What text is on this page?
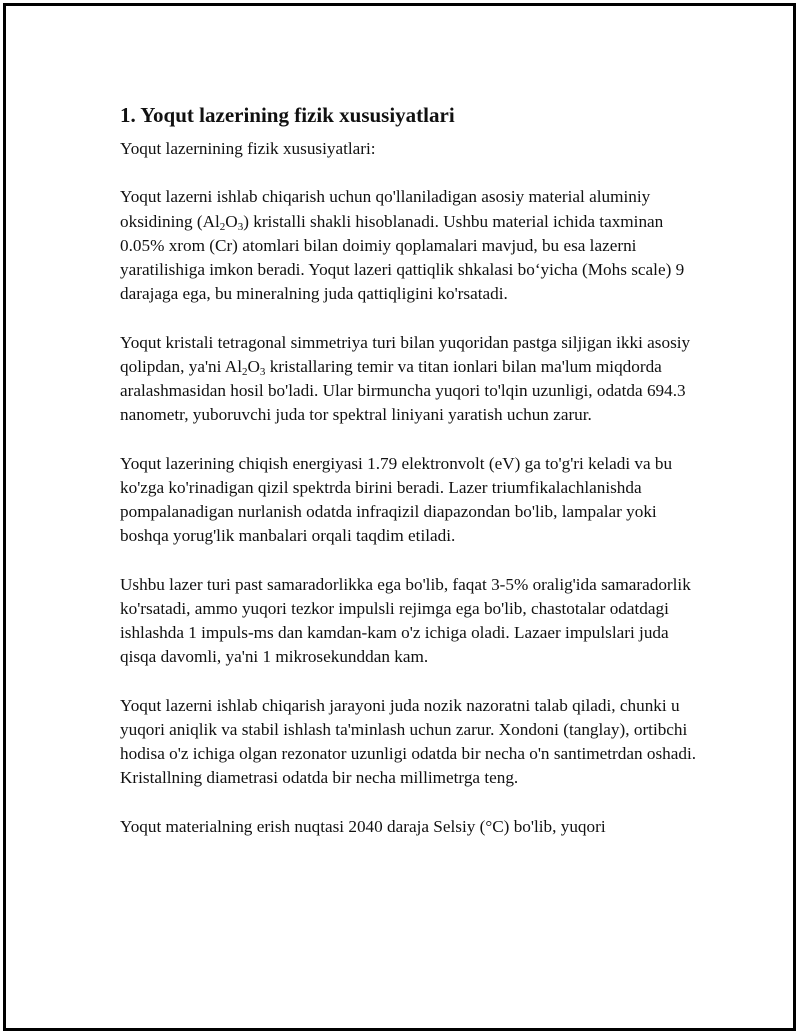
1. Yoqut lazerining fizik xususiyatlari

Yoqut lazernining fizik xususiyatlari:

Yoqut lazerni ishlab chiqarish uchun qo'llaniladigan asosiy material aluminiy oksidining $(Al_2O_3)$ kristalli shakli hisoblanadi. Ushbu material ichida taxminan 0.05% xrom (Cr) atomlari bilan doimiy qoplamalari mavjud, bu esa lazerni yaratilishiga imkon beradi. Yoqut lazeri qattiqlik shkalasi bo‘yicha (Mohs scale) 9 darajaga ega, bu mineralning juda qattiqligini ko'rsatadi.

Yoqut kristali tetragonal simmetriya turi bilan yuqoridan pastga siljigan ikki asosiy qolipdan, ya'ni $Al_2O_3$ kristallaring temir va titan ionlari bilan ma'lum miqdorda aralashmasidan hosil bo'ladi. Ular birmuncha yuqori to'lqin uzunligi, odatda 694.3 nanometr, yuboruvchi juda tor spektral liniyani yaratish uchun zarur.

Yoqut lazerining chiqish energiyasi 1.79 elektronvolt (eV) ga to'g'ri keladi va bu ko'zga ko'rinadigan qizil spektrda birini beradi. Lazer triumfikalachlanishda pompalanadigan nurlanish odatda infraqizil diapazondan bo'lib, lampalar yoki boshqa yorug'lik manbalari orqali taqdim etiladi.

Ushbu lazer turi past samaradorlikka ega bo'lib, faqat 3-5% oralig'ida samaradorlik ko'rsatadi, ammo yuqori tezkor impulsli rejimga ega bo'lib, chastotalar odatdagi ishlashda 1 impuls-ms dan kamdan-kam o'z ichiga oladi. Lazaer impulslari juda qisqa davomli, ya'ni 1 mikrosekunddan kam.

Yoqut lazerni ishlab chiqarish jarayoni juda nozik nazoratni talab qiladi, chunki u yuqori aniqlik va stabil ishlash ta'minlash uchun zarur. Xondoni (tanglay), ortibchi hodisa o'z ichiga olgan rezonator uzunligi odatda bir necha o'n santimetrdan oshadi. Kristallning diametrasi odatda bir necha millimetrga teng.

Yoqut materialning erish nuqtasi 2040 daraja Selsiy (°C) bo'lib, yuqori
